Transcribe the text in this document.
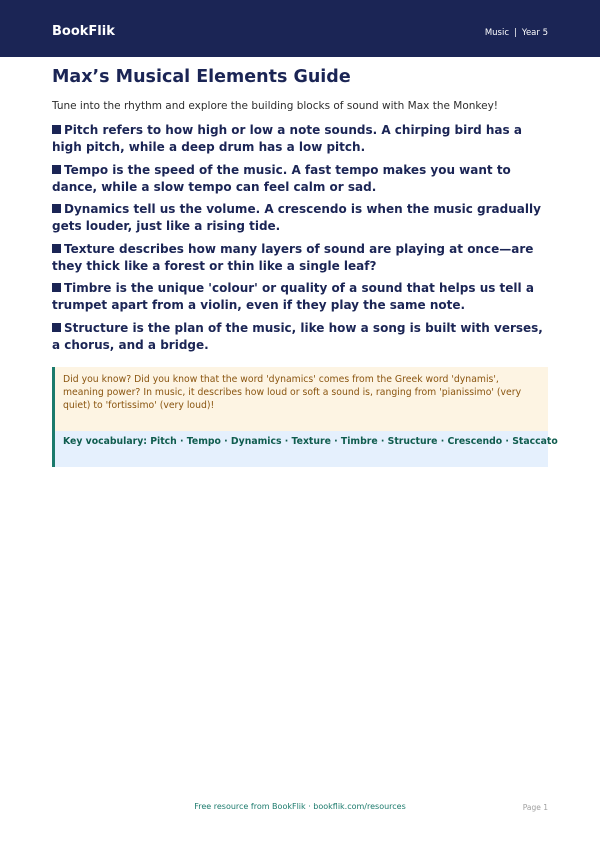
BookFlik	Music | Year 5
Max’s Musical Elements Guide

Tune into the rhythm and explore the building blocks of sound with Max the Monkey!

Pitch refers to how high or low a note sounds. A chirping bird has a high pitch, while a deep drum has a low pitch.
Tempo is the speed of the music. A fast tempo makes you want to dance, while a slow tempo can feel calm or sad.
Dynamics tell us the volume. A crescendo is when the music gradually gets louder, just like a rising tide.
Texture describes how many layers of sound are playing at once—are they thick like a forest or thin like a single leaf?
Timbre is the unique 'colour' or quality of a sound that helps us tell a trumpet apart from a violin, even if they play the same note.
Structure is the plan of the music, like how a song is built with verses, a chorus, and a bridge.

Did you know? Did you know that the word 'dynamics' comes from the Greek word 'dynamis', meaning power? In music, it describes how loud or soft a sound is, ranging from 'pianissimo' (very quiet) to 'fortissimo' (very loud)!

Key vocabulary: Pitch · Tempo · Dynamics · Texture · Timbre · Structure · Crescendo · Staccato

Free resource from BookFlik · bookflik.com/resources	Page 1
